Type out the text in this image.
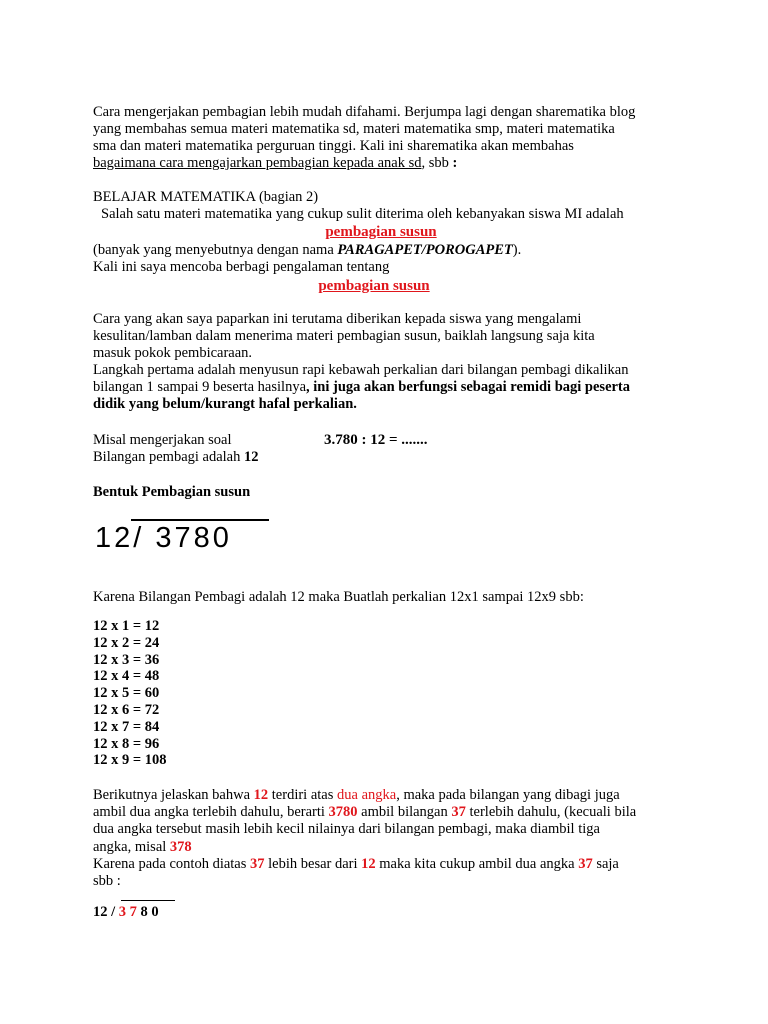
Cara mengerjakan pembagian lebih mudah difahami. Berjumpa lagi dengan sharematika blog

yang membahas semua materi matematika sd, materi matematika smp, materi matematika

sma dan materi matematika perguruan tinggi. Kali ini sharematika akan membahas

bagaimana cara mengajarkan pembagian kepada anak sd, sbb :

BELAJAR MATEMATIKA (bagian 2)

Salah satu materi matematika yang cukup sulit diterima oleh kebanyakan siswa MI adalah

pembagian susun

(banyak yang menyebutnya dengan nama PARAGAPET/POROGAPET).

Kali ini saya mencoba berbagi pengalaman tentang

pembagian susun

Cara yang akan saya paparkan ini terutama diberikan kepada siswa yang mengalami

kesulitan/lamban dalam menerima materi pembagian susun, baiklah langsung saja kita

masuk pokok pembicaraan.

Langkah pertama adalah menyusun rapi kebawah perkalian dari bilangan pembagi dikalikan

bilangan 1 sampai 9 beserta hasilnya, ini juga akan berfungsi sebagai remidi bagi peserta

didik yang belum/kurangt hafal perkalian.

Misal mengerjakan soal	3.780 : 12 = .......

Bilangan pembagi adalah 12

Bentuk Pembagian susun

12/ 3780

Karena Bilangan Pembagi adalah 12 maka Buatlah perkalian 12x1 sampai 12x9 sbb:

12 x 1 = 12

12 x 2 = 24

12 x 3 = 36

12 x 4 = 48

12 x 5 = 60

12 x 6 = 72

12 x 7 = 84

12 x 8 = 96

12 x 9 = 108

Berikutnya jelaskan bahwa 12 terdiri atas dua angka, maka pada bilangan yang dibagi juga

ambil dua angka terlebih dahulu, berarti 3780 ambil bilangan 37 terlebih dahulu, (kecuali bila

dua angka tersebut masih lebih kecil nilainya dari bilangan pembagi, maka diambil tiga

angka, misal 378

Karena pada contoh diatas 37 lebih besar dari 12 maka kita cukup ambil dua angka 37 saja

sbb :

12 / 3 7 8 0
